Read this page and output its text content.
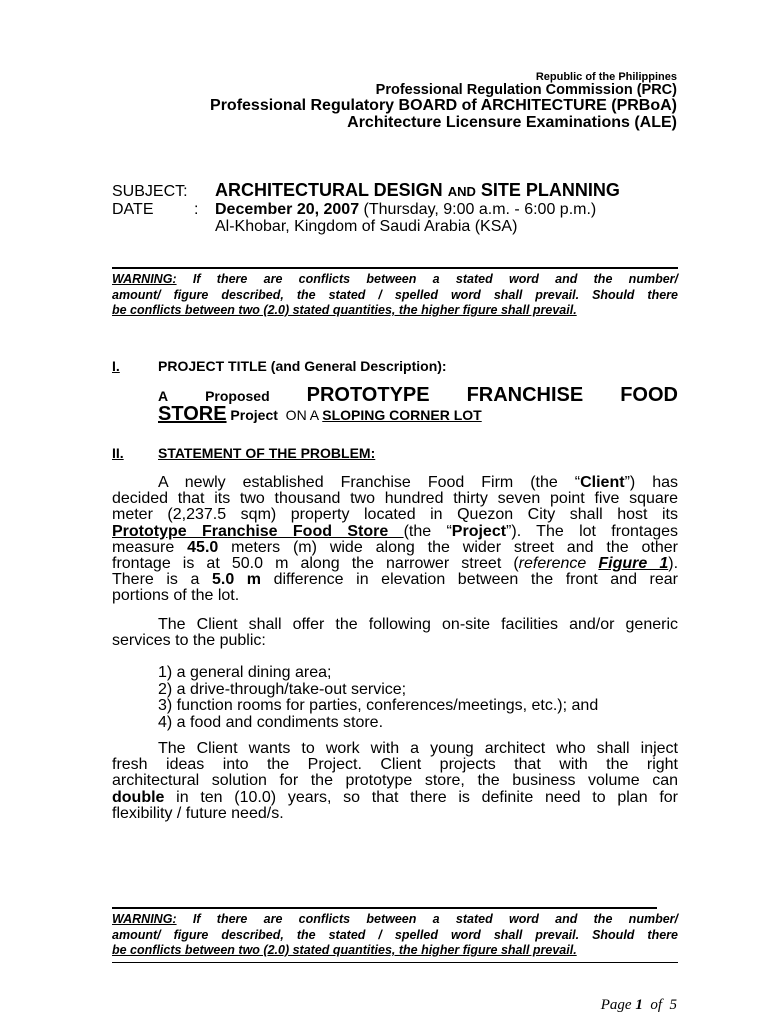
Republic of the Philippines
Professional Regulation Commission (PRC)
Professional Regulatory BOARD of ARCHITECTURE (PRBoA)
Architecture Licensure Examinations (ALE)
SUBJECT: ARCHITECTURAL DESIGN AND SITE PLANNING
DATE	: December 20, 2007 (Thursday, 9:00 a.m. - 6:00 p.m.)
Al-Khobar, Kingdom of Saudi Arabia (KSA)
WARNING: If there are conflicts between a stated word and the number/
amount/ figure described, the stated / spelled word shall prevail. Should there
be conflicts between two (2.0) stated quantities, the higher figure shall prevail.
I.	PROJECT TITLE (and General Description):
A	Proposed PROTOTYPE FRANCHISE FOOD
STORE Project  ON A SLOPING CORNER LOT
II. STATEMENT OF THE PROBLEM:
A newly established Franchise Food Firm (the “Client”) has
decided that its two thousand two hundred thirty seven point five square
meter (2,237.5 sqm) property located in Quezon City shall host its
Prototype Franchise Food Store (the “Project”). The lot frontages
measure 45.0 meters (m) wide along the wider street and the other
frontage is at 50.0 m along the narrower street (reference Figure 1).
There is a 5.0 m difference in elevation between the front and rear
portions of the lot.
The Client shall offer the following on-site facilities and/or generic
services to the public:
1) a general dining area;
2) a drive-through/take-out service;
3) function rooms for parties, conferences/meetings, etc.); and
4) a food and condiments store.
The Client wants to work with a young architect who shall inject
fresh ideas into the Project. Client projects that with the right
architectural solution for the prototype store, the business volume can
double in ten (10.0) years, so that there is definite need to plan for
flexibility / future need/s.
WARNING: If there are conflicts between a stated word and the number/
amount/ figure described, the stated / spelled word shall prevail. Should there
be conflicts between two (2.0) stated quantities, the higher figure shall prevail.
Page 1  of  5
